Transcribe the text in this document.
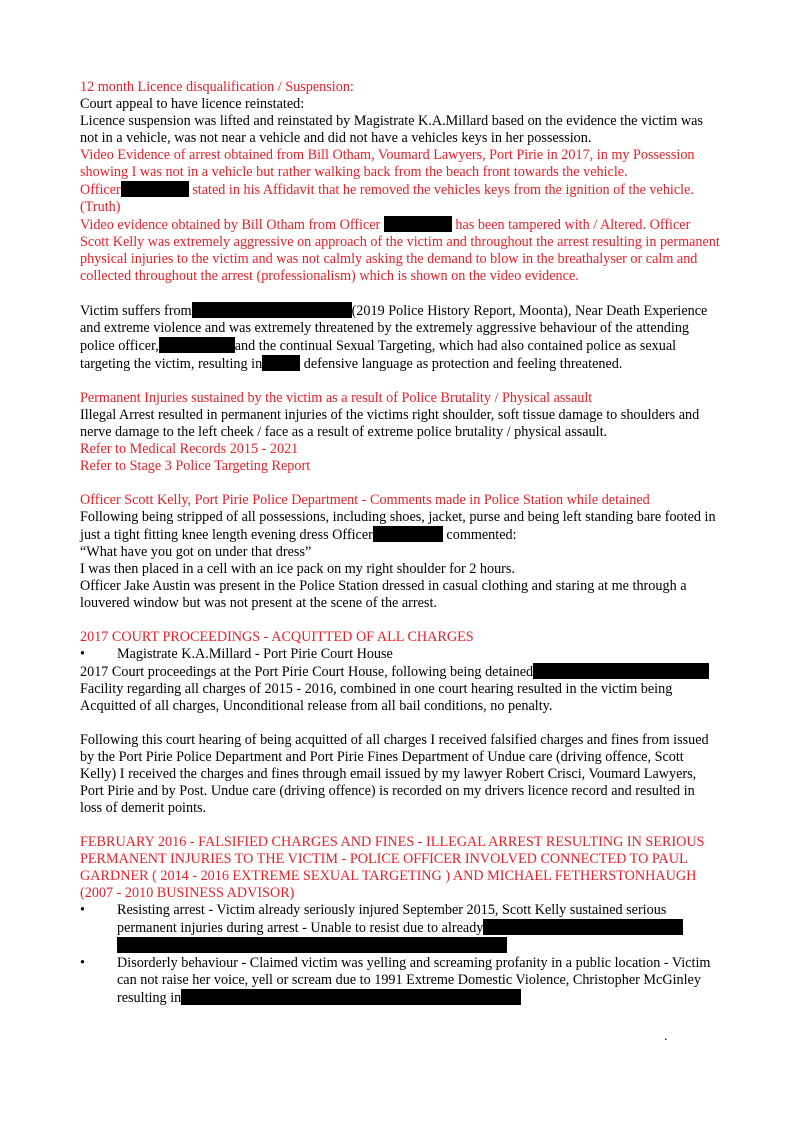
12 month Licence disqualification / Suspension:

Court appeal to have licence reinstated:

Licence suspension was lifted and reinstated by Magistrate K.A.Millard based on the evidence the victim was not in a vehicle, was not near a vehicle and did not have a vehicles keys in her possession.

Video Evidence of arrest obtained from Bill Otham, Voumard Lawyers, Port Pirie in 2017, in my Possession showing I was not in a vehicle but rather walking back from the beach front towards the vehicle.

Officer	stated in his Affidavit that he removed the vehicles keys from the ignition of the vehicle.(Truth)

Video evidence obtained by Bill Otham from Officer	has been tampered with / Altered. Officer Scott Kelly was extremely aggressive on approach of the victim and throughout the arrest resulting in permanent physical injuries to the victim and was not calmly asking the demand to blow in the breathalyser or calm and collected throughout the arrest (professionalism) which is shown on the video evidence.

Victim suffers from	(2019 Police History Report, Moonta), Near Death Experience and extreme violence and was extremely threatened by the extremely aggressive behaviour of the attending police officer,	and the continual Sexual Targeting, which had also contained police as sexual targeting the victim, resulting in	defensive language as protection and feeling threatened.

Permanent Injuries sustained by the victim as a result of Police Brutality / Physical assault

Illegal Arrest resulted in permanent injuries of the victims right shoulder, soft tissue damage to shoulders and nerve damage to the left cheek / face as a result of extreme police brutality / physical assault.

Refer to Medical Records 2015 - 2021

Refer to Stage 3 Police Targeting Report

Officer Scott Kelly, Port Pirie Police Department - Comments made in Police Station while detained

Following being stripped of all possessions, including shoes, jacket, purse and being left standing bare footed in just a tight fitting knee length evening dress Officer	commented:

“What have you got on under that dress”

I was then placed in a cell with an ice pack on my right shoulder for 2 hours.

Officer Jake Austin was present in the Police Station dressed in casual clothing and staring at me through a louvered window but was not present at the scene of the arrest.

2017 COURT PROCEEDINGS - ACQUITTED OF ALL CHARGES

• Magistrate K.A.Millard - Port Pirie Court House

2017 Court proceedings at the Port Pirie Court House, following being detained Facility regarding all charges of 2015 - 2016, combined in one court hearing resulted in the victim being Acquitted of all charges, Unconditional release from all bail conditions, no penalty.

Following this court hearing of being acquitted of all charges I received falsified charges and fines from issued by the Port Pirie Police Department and Port Pirie Fines Department of Undue care (driving offence, Scott Kelly) I received the charges and fines through email issued by my lawyer Robert Crisci, Voumard Lawyers, Port Pirie and by Post. Undue care (driving offence) is recorded on my drivers licence record and resulted in loss of demerit points.

FEBRUARY 2016 - FALSIFIED CHARGES AND FINES - ILLEGAL ARREST RESULTING IN SERIOUS PERMANENT INJURIES TO THE VICTIM - POLICE OFFICER INVOLVED CONNECTED TO PAUL GARDNER ( 2014 - 2016 EXTREME SEXUAL TARGETING ) AND MICHAEL FETHERSTONHAUGH (2007 - 2010 BUSINESS ADVISOR)

• Resisting arrest - Victim already seriously injured September 2015, Scott Kelly sustained serious permanent injuries during arrest - Unable to resist due to already

• Disorderly behaviour - Claimed victim was yelling and screaming profanity in a public location - Victim can not raise her voice, yell or scream due to 1991 Extreme Domestic Violence, Christopher McGinley resulting in
.
